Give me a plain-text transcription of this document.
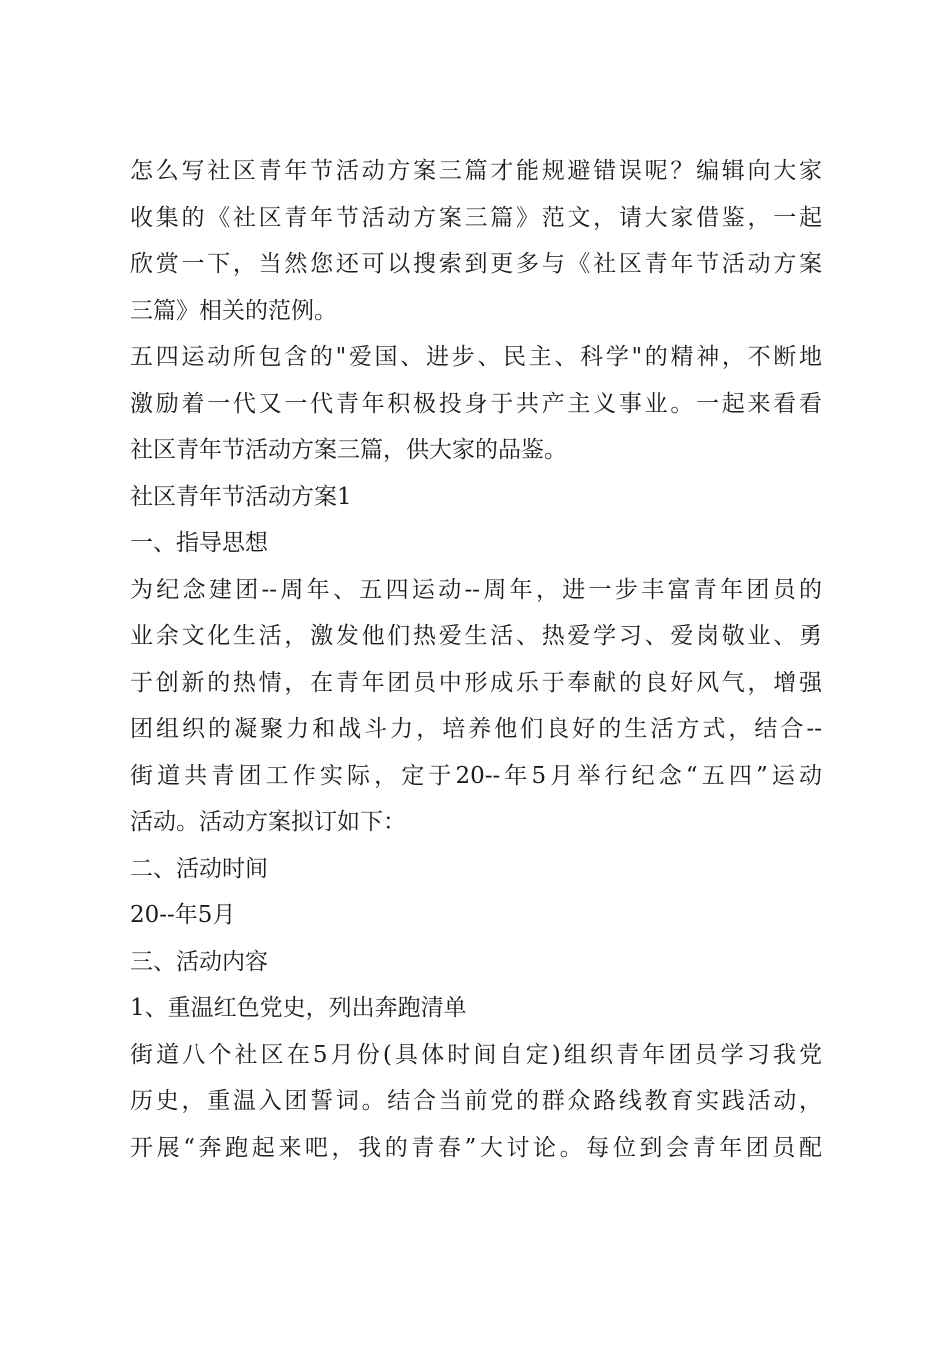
怎么写社区青年节活动方案三篇才能规避错误呢？编辑向大家
收集的《社区青年节活动方案三篇》范文，请大家借鉴，一起
欣赏一下，当然您还可以搜索到更多与《社区青年节活动方案
三篇》相关的范例。
五四运动所包含的"爱国、进步、民主、科学"的精神，不断地
激励着一代又一代青年积极投身于共产主义事业。一起来看看
社区青年节活动方案三篇，供大家的品鉴。
社区青年节活动方案1
一、指导思想
为纪念建团--周年、五四运动--周年，进一步丰富青年团员的
业余文化生活，激发他们热爱生活、热爱学习、爱岗敬业、勇
于创新的热情，在青年团员中形成乐于奉献的良好风气，增强
团组织的凝聚力和战斗力，培养他们良好的生活方式，结合--
街道共青团工作实际，定于20--年5月举行纪念“五四”运动
活动。活动方案拟订如下：
二、活动时间
20--年5月
三、活动内容
1、重温红色党史，列出奔跑清单
街道八个社区在5月份(具体时间自定)组织青年团员学习我党
历史，重温入团誓词。结合当前党的群众路线教育实践活动，
开展“奔跑起来吧，我的青春”大讨论。每位到会青年团员配
